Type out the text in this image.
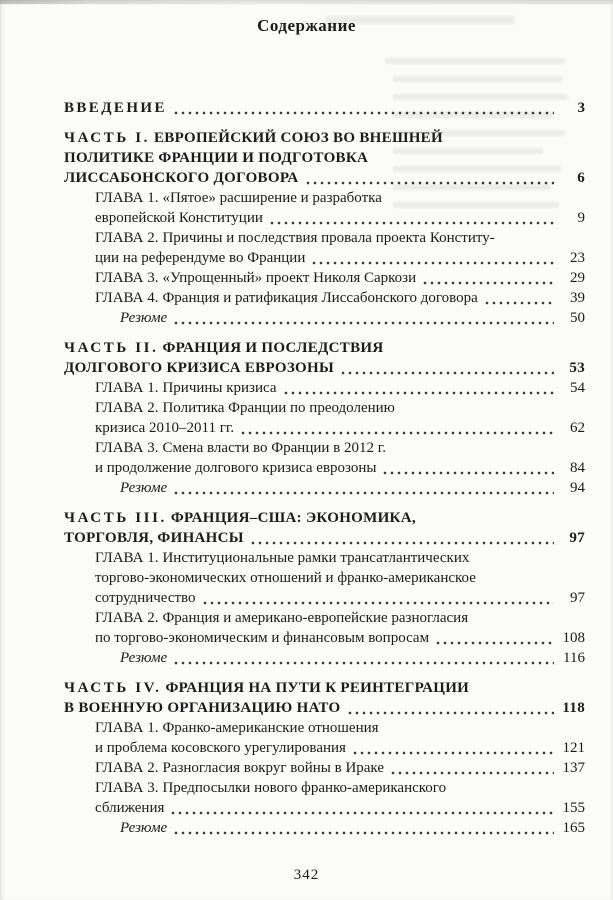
Содержание
ВВЕДЕНИЕ	3
ЧАСТЬ I. ЕВРОПЕЙСКИЙ СОЮЗ ВО ВНЕШНЕЙ
ПОЛИТИКЕ ФРАНЦИИ И ПОДГОТОВКА
ЛИССАБОНСКОГО ДОГОВОРА	6
ГЛАВА 1. «Пятое» расширение и разработка
европейской Конституции	9
ГЛАВА 2. Причины и последствия провала проекта Конститу-
ции на референдуме во Франции	23
ГЛАВА 3. «Упрощенный» проект Николя Саркози	29
ГЛАВА 4. Франция и ратификация Лиссабонского договора	39
Резюме	50
ЧАСТЬ II. ФРАНЦИЯ И ПОСЛЕДСТВИЯ
ДОЛГОВОГО КРИЗИСА ЕВРОЗОНЫ	53
ГЛАВА 1. Причины кризиса	54
ГЛАВА 2. Политика Франции по преодолению
кризиса 2010–2011 гг.	62
ГЛАВА 3. Смена власти во Франции в 2012 г.
и продолжение долгового кризиса еврозоны	84
Резюме	94
ЧАСТЬ III. ФРАНЦИЯ–США: ЭКОНОМИКА,
ТОРГОВЛЯ, ФИНАНСЫ	97
ГЛАВА 1. Институциональные рамки трансатлантических
торгово-экономических отношений и франко-американское
сотрудничество	97
ГЛАВА 2. Франция и американо-европейские разногласия
по торгово-экономическим и финансовым вопросам	108
Резюме	116
ЧАСТЬ IV. ФРАНЦИЯ НА ПУТИ К РЕИНТЕГРАЦИИ
В ВОЕННУЮ ОРГАНИЗАЦИЮ НАТО	118
ГЛАВА 1. Франко-американские отношения
и проблема косовского урегулирования	121
ГЛАВА 2. Разногласия вокруг войны в Ираке	137
ГЛАВА 3. Предпосылки нового франко-американского
сближения	155
Резюме	165
342
